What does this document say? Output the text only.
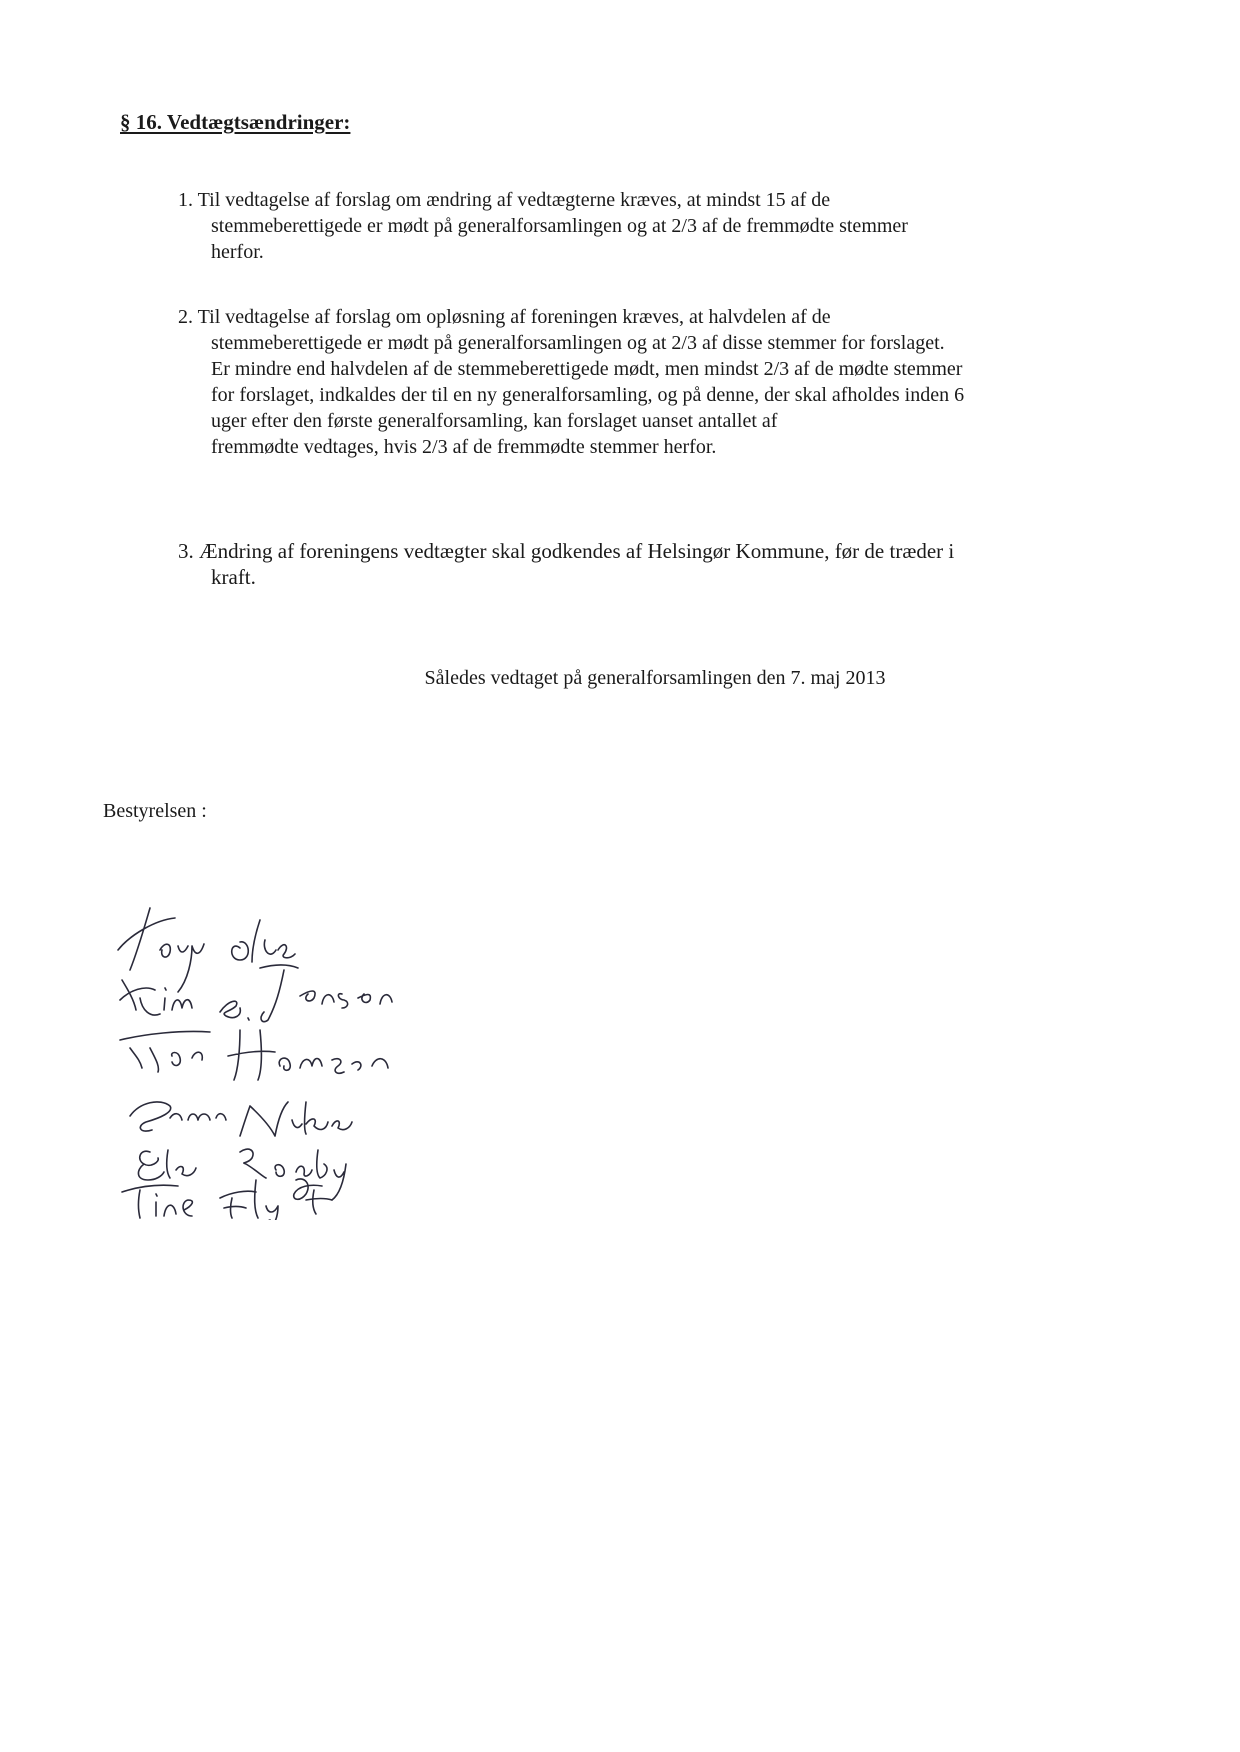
§ 16. Vedtægtsændringer:
1. Til vedtagelse af forslag om ændring af vedtægterne kræves, at mindst 15 af de
stemmeberettigede er mødt på generalforsamlingen og at 2/3 af de fremmødte stemmer
herfor.
2. Til vedtagelse af forslag om opløsning af foreningen kræves, at halvdelen af de
stemmeberettigede er mødt på generalforsamlingen og at 2/3 af disse stemmer for forslaget.
Er mindre end halvdelen af de stemmeberettigede mødt, men mindst 2/3 af de mødte stemmer
for forslaget, indkaldes der til en ny generalforsamling, og på denne, der skal afholdes inden 6
uger efter den første generalforsamling, kan forslaget uanset antallet af
fremmødte vedtages, hvis 2/3 af de fremmødte stemmer herfor.
3. Ændring af foreningens vedtægter skal godkendes af Helsingør Kommune, før de træder i
kraft.
Således vedtaget på generalforsamlingen den 7. maj 2013
Bestyrelsen :
